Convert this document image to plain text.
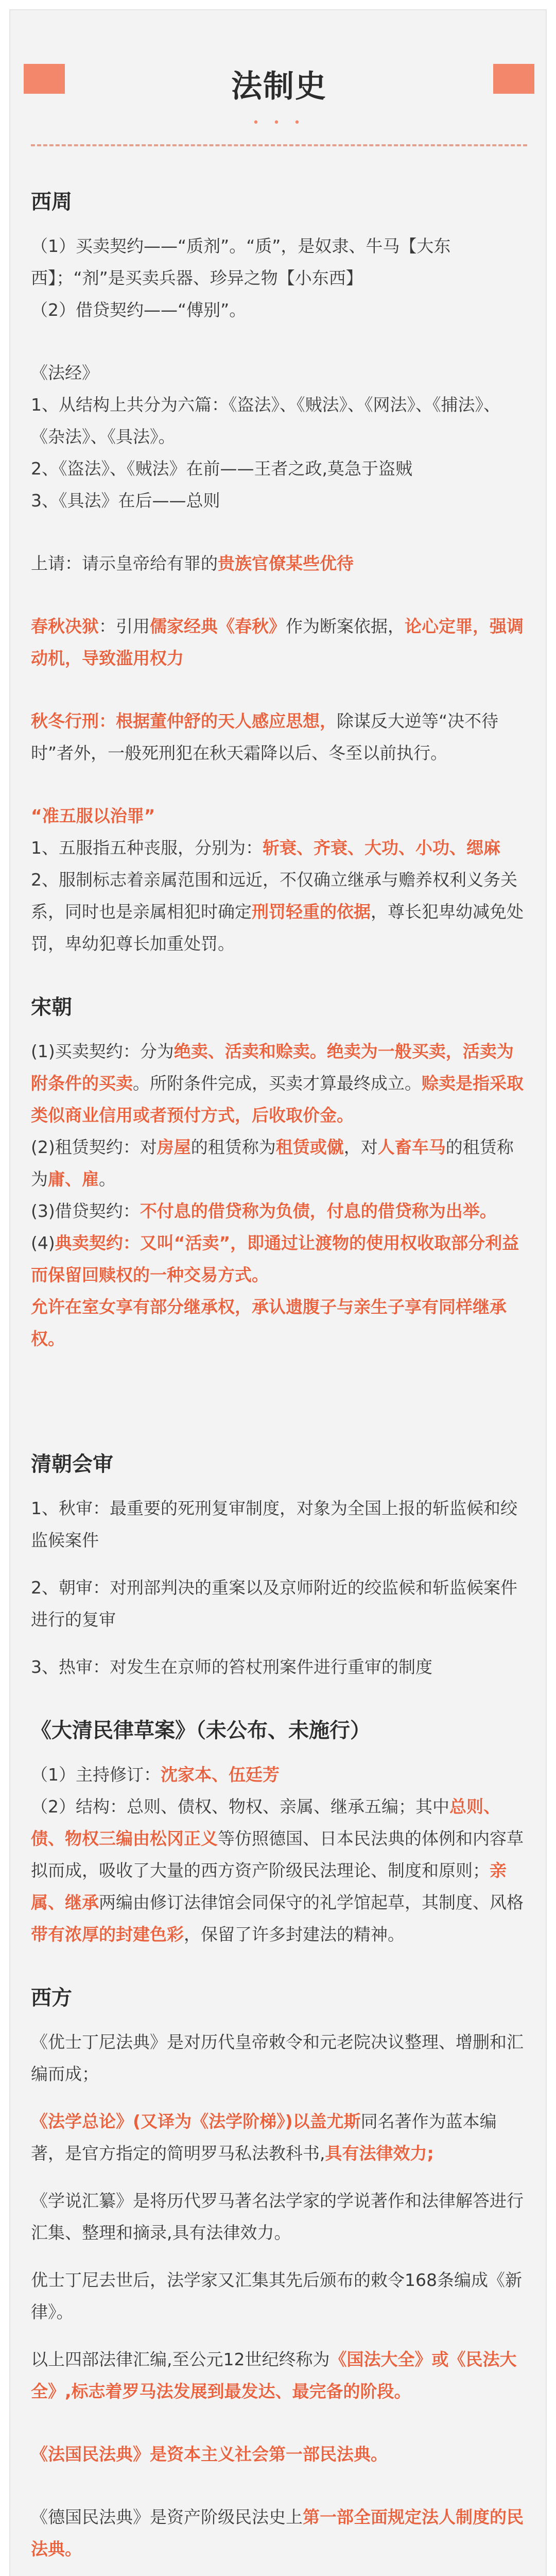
法制史
• • •
西周

（1）买卖契约——“质剂”。“质”，是奴隶、牛马【大东西】；“剂”是买卖兵器、珍异之物【小东西】

（2）借贷契约——“傅别”。

《法经》

1、从结构上共分为六篇：《盗法》、《贼法》、《网法》、《捕法》、《杂法》、《具法》。

2、《盗法》、《贼法》在前——王者之政,莫急于盗贼

3、《具法》在后——总则

上请：请示皇帝给有罪的贵族官僚某些优待

春秋决狱：引用儒家经典《春秋》作为断案依据，论心定罪，强调动机，导致滥用权力

秋冬行刑：根据董仲舒的天人感应思想，除谋反大逆等“决不待时”者外，一般死刑犯在秋天霜降以后、冬至以前执行。

“准五服以治罪”

1、五服指五种丧服，分别为：斩衰、齐衰、大功、小功、缌麻

2、服制标志着亲属范围和远近，不仅确立继承与赡养权利义务关系，同时也是亲属相犯时确定刑罚轻重的依据，尊长犯卑幼减免处罚，卑幼犯尊长加重处罚。

宋朝

(1)买卖契约：分为绝卖、活卖和赊卖。绝卖为一般买卖，活卖为附条件的买卖。所附条件完成，买卖才算最终成立。赊卖是指采取类似商业信用或者预付方式，后收取价金。

(2)租赁契约：对房屋的租赁称为租赁或僦，对人畜车马的租赁称为庸、雇。

(3)借贷契约：不付息的借贷称为负债，付息的借贷称为出举。

(4)典卖契约：又叫“活卖”，即通过让渡物的使用权收取部分利益而保留回赎权的一种交易方式。

允许在室女享有部分继承权，承认遗腹子与亲生子享有同样继承权。

清朝会审

1、秋审：最重要的死刑复审制度，对象为全国上报的斩监候和绞监候案件

2、朝审：对刑部判决的重案以及京师附近的绞监候和斩监候案件进行的复审

3、热审：对发生在京师的笞杖刑案件进行重审的制度

《大清民律草案》（未公布、未施行）

（1）主持修订：沈家本、伍廷芳

（2）结构：总则、债权、物权、亲属、继承五编；其中总则、债、物权三编由松冈正义等仿照德国、日本民法典的体例和内容草拟而成，吸收了大量的西方资产阶级民法理论、制度和原则；亲属、继承两编由修订法律馆会同保守的礼学馆起草，其制度、风格带有浓厚的封建色彩，保留了许多封建法的精神。

西方

《优士丁尼法典》是对历代皇帝敕令和元老院决议整理、增删和汇编而成；

《法学总论》(又译为《法学阶梯》)以盖尤斯同名著作为蓝本编著，是官方指定的简明罗马私法教科书,具有法律效力;

《学说汇纂》是将历代罗马著名法学家的学说著作和法律解答进行汇集、整理和摘录,具有法律效力。

优士丁尼去世后，法学家又汇集其先后颁布的敕令168条编成《新律》。

以上四部法律汇编,至公元12世纪终称为《国法大全》或《民法大全》,标志着罗马法发展到最发达、最完备的阶段。

《法国民法典》是资本主义社会第一部民法典。

《德国民法典》是资产阶级民法史上第一部全面规定法人制度的民法典。
